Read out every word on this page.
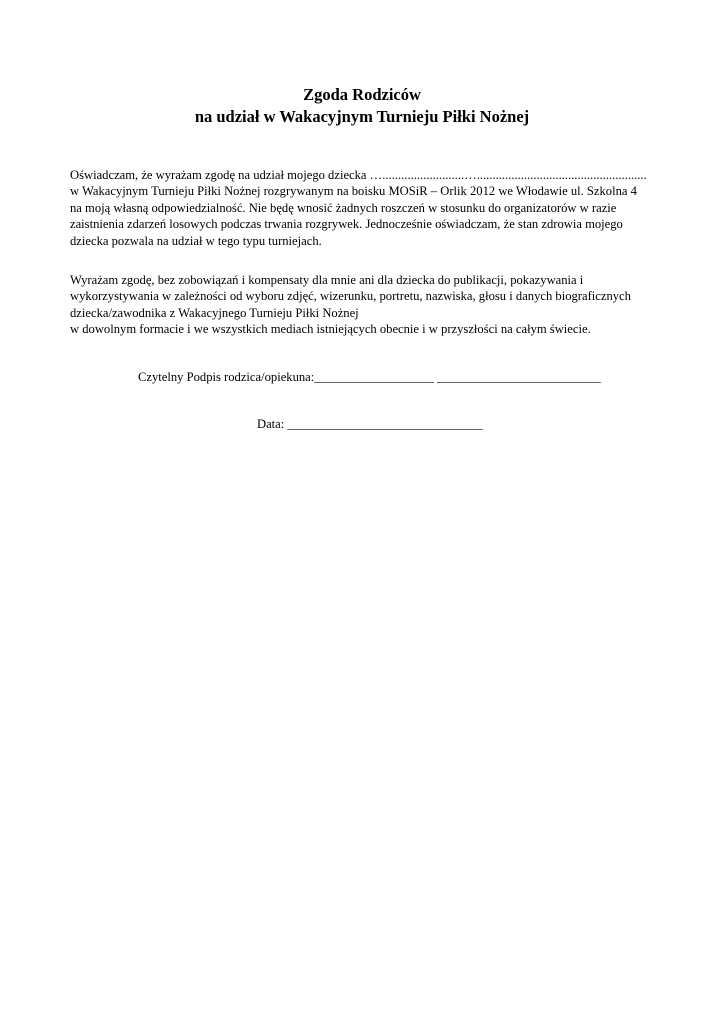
Zgoda Rodziców

na udział w Wakacyjnym Turnieju Piłki Nożnej

Oświadczam, że wyrażam zgodę na udział mojego dziecka …..........................…......................................................
w Wakacyjnym Turnieju Piłki Nożnej rozgrywanym na boisku MOSiR – Orlik 2012 we Włodawie ul. Szkolna 4
na moją własną odpowiedzialność. Nie będę wnosić żadnych roszczeń w stosunku do organizatorów w razie
zaistnienia zdarzeń losowych podczas trwania rozgrywek. Jednocześnie oświadczam, że stan zdrowia mojego
dziecka pozwala na udział w tego typu turniejach.

Wyrażam zgodę, bez zobowiązań i kompensaty dla mnie ani dla dziecka do publikacji, pokazywania i
wykorzystywania w zależności od wyboru zdjęć, wizerunku, portretu, nazwiska, głosu i danych biograficznych
dziecka/zawodnika z Wakacyjnego Turnieju Piłki Nożnej
w dowolnym formacie i we wszystkich mediach istniejących obecnie i w przyszłości na całym świecie.

Czytelny Podpis rodzica/opiekuna:___________________ __________________________
Data: _______________________________
